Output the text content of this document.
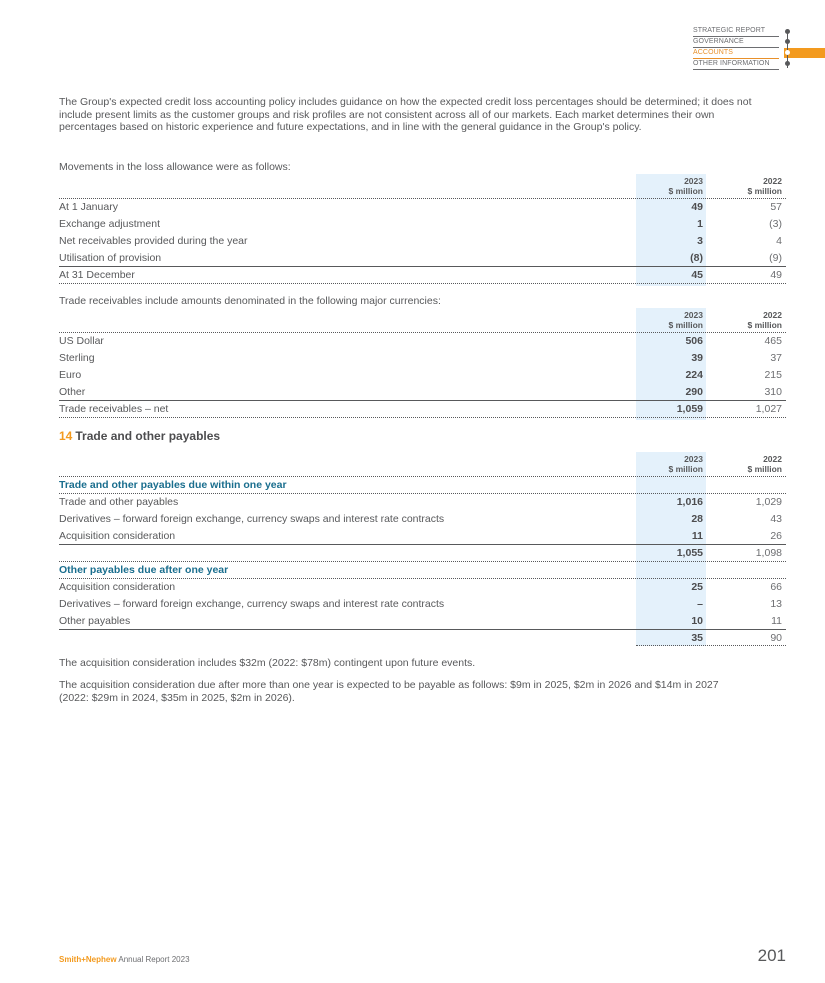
STRATEGIC REPORT
GOVERNANCE
ACCOUNTS
OTHER INFORMATION

The Group's expected credit loss accounting policy includes guidance on how the expected credit loss percentages should be determined; it does not include present limits as the customer groups and risk profiles are not consistent across all of our markets. Each market determines their own percentages based on historic experience and future expectations, and in line with the general guidance in the Group's policy.

Movements in the loss allowance were as follows:

2023
$ million
2022
$ million
At 1 January	49	57
Exchange adjustment	1	(3)
Net receivables provided during the year	3	4
Utilisation of provision	(8)	(9)
At 31 December	45	49

Trade receivables include amounts denominated in the following major currencies:

2023
$ million
2022
$ million
US Dollar	506	465
Sterling	39	37
Euro	224	215
Other	290	310
Trade receivables – net	1,059	1,027
14 Trade and other payables
2023
$ million
2022
$ million
Trade and other payables due within one year
Trade and other payables	1,016	1,029
Derivatives – forward foreign exchange, currency swaps and interest rate contracts	28	43
Acquisition consideration	11	26
1,055	1,098
Other payables due after one year
Acquisition consideration	25	66
Derivatives – forward foreign exchange, currency swaps and interest rate contracts	–	13
Other payables	10	11
35	90

The acquisition consideration includes $32m (2022: $78m) contingent upon future events.

The acquisition consideration due after more than one year is expected to be payable as follows: $9m in 2025, $2m in 2026 and $14m in 2027 (2022: $29m in 2024, $35m in 2025, $2m in 2026).

Smith+Nephew Annual Report 2023	201
